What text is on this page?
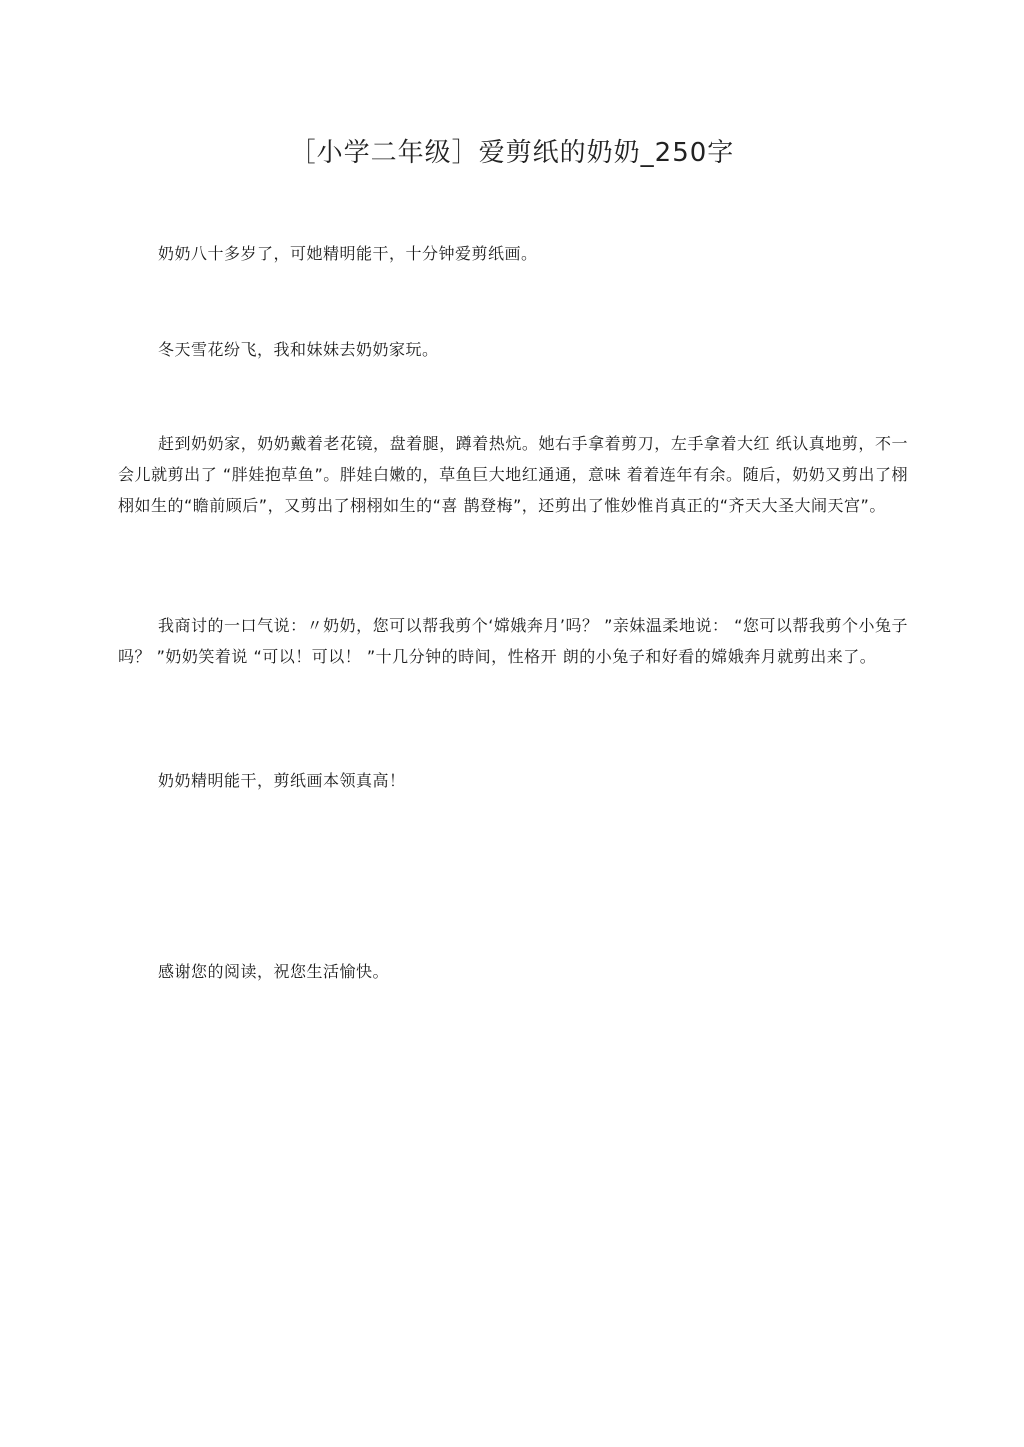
［小学二年级］爱剪纸的奶奶_250字

奶奶八十多岁了，可她精明能干，十分钟爱剪纸画。

冬天雪花纷飞，我和妹妹去奶奶家玩。

赶到奶奶家，奶奶戴着老花镜，盘着腿，蹲着热炕。她右手拿着剪刀，左手拿着大红 纸认真地剪，不一会儿就剪出了 “胖娃抱草鱼”。胖娃白嫩的，草鱼巨大地红通通，意味 着着连年有余。随后，奶奶又剪出了栩栩如生的“瞻前顾后”，又剪出了栩栩如生的“喜 鹊登梅”，还剪出了惟妙惟肖真正的“齐天大圣大闹天宫”。

我商讨的一口气说：〃奶奶，您可以帮我剪个‘嫦娥奔月’吗？ ”亲妹温柔地说： “您可以帮我剪个小兔子吗？ ”奶奶笑着说 “可以！可以！ ”十几分钟的時间，性格开 朗的小兔子和好看的嫦娥奔月就剪出来了。

奶奶精明能干，剪纸画本领真高！

感谢您的阅读，祝您生活愉快。
